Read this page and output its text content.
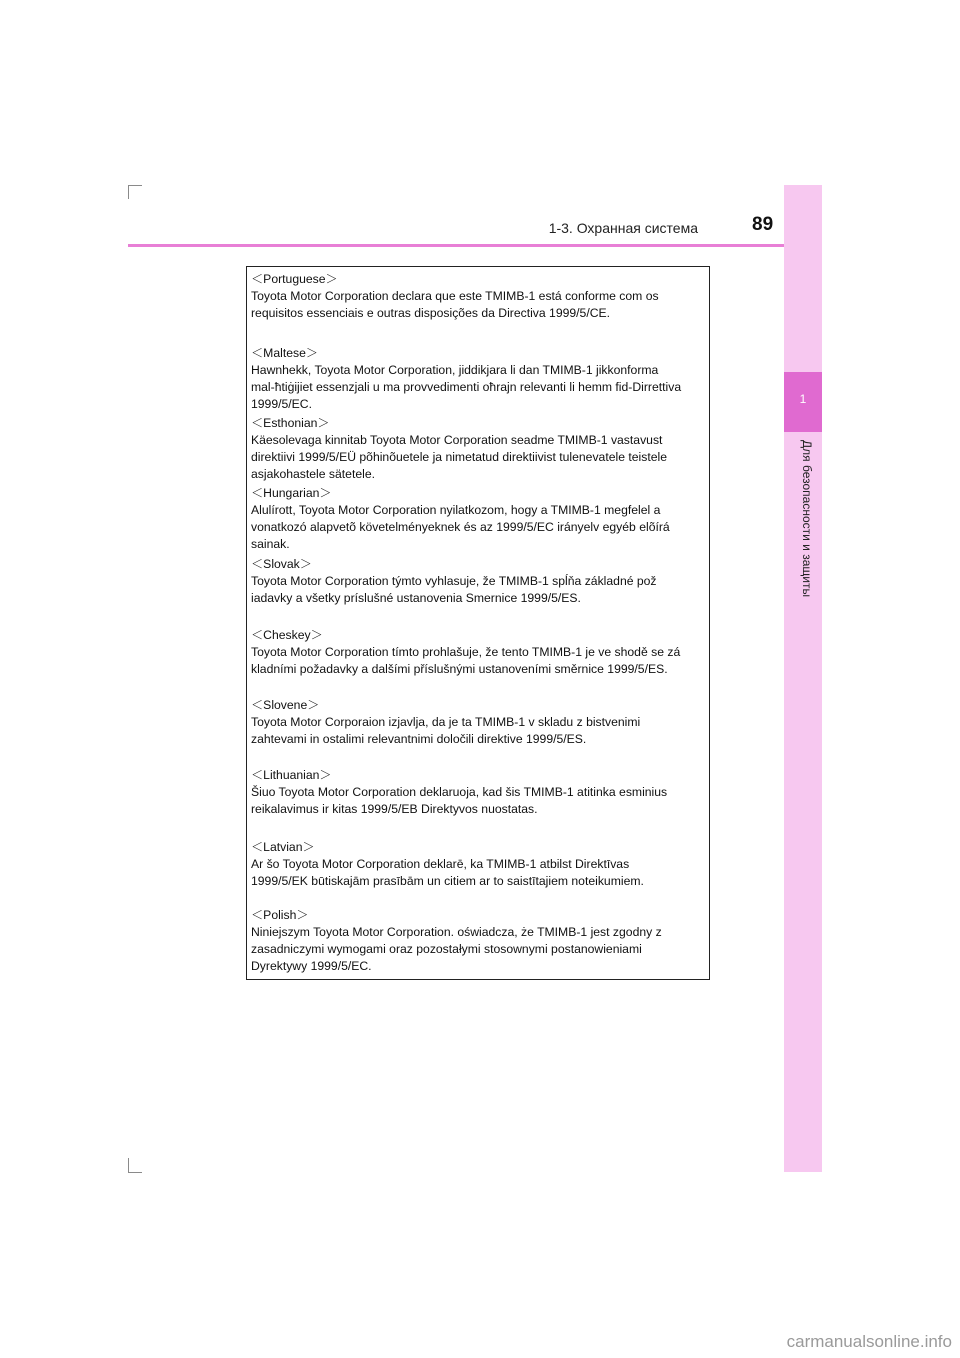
1-3. Охранная система	89
1
Для безопасности и защиты
＜Portuguese＞
Toyota Motor Corporation declara que este TMIMB-1 está conforme com os
requisitos essenciais e outras disposições da Directiva 1999/5/CE.
＜Maltese＞
Hawnhekk, Toyota Motor Corporation, jiddikjara li dan TMIMB-1 jikkonforma
mal-ħtiġijiet essenzjali u ma provvedimenti oħrajn relevanti li hemm fid-Dirrettiva
1999/5/EC.
＜Esthonian＞
Käesolevaga kinnitab Toyota Motor Corporation seadme TMIMB-1 vastavust
direktiivi 1999/5/EÜ põhinõuetele ja nimetatud direktiivist tulenevatele teistele
asjakohastele sätetele.
＜Hungarian＞
Alulírott, Toyota Motor Corporation nyilatkozom, hogy a TMIMB-1 megfelel a
vonatkozó alapvetõ követelményeknek és az 1999/5/EC irányelv egyéb elõírá
sainak.
＜Slovak＞
Toyota Motor Corporation týmto vyhlasuje, že TMIMB-1 spĺňa základné pož
iadavky a všetky príslušné ustanovenia Smernice 1999/5/ES.
＜Cheskey＞
Toyota Motor Corporation tímto prohlašuje, že tento TMIMB-1 je ve shodě se zá
kladními požadavky a dalšími příslušnými ustanoveními směrnice 1999/5/ES.
＜Slovene＞
Toyota Motor Corporaion izjavlja, da je ta TMIMB-1 v skladu z bistvenimi
zahtevami in ostalimi relevantnimi določili direktive 1999/5/ES.
＜Lithuanian＞
Šiuo Toyota Motor Corporation deklaruoja, kad šis TMIMB-1 atitinka esminius
reikalavimus ir kitas 1999/5/EB Direktyvos nuostatas.
＜Latvian＞
Ar šo Toyota Motor Corporation deklarē, ka TMIMB-1 atbilst Direktīvas
1999/5/EK būtiskajām prasībām un citiem ar to saistītajiem noteikumiem.
＜Polish＞
Niniejszym Toyota Motor Corporation. oświadcza, że TMIMB-1 jest zgodny z
zasadniczymi wymogami oraz pozostałymi stosownymi postanowieniami
Dyrektywy 1999/5/EC.
carmanualsonline.info
